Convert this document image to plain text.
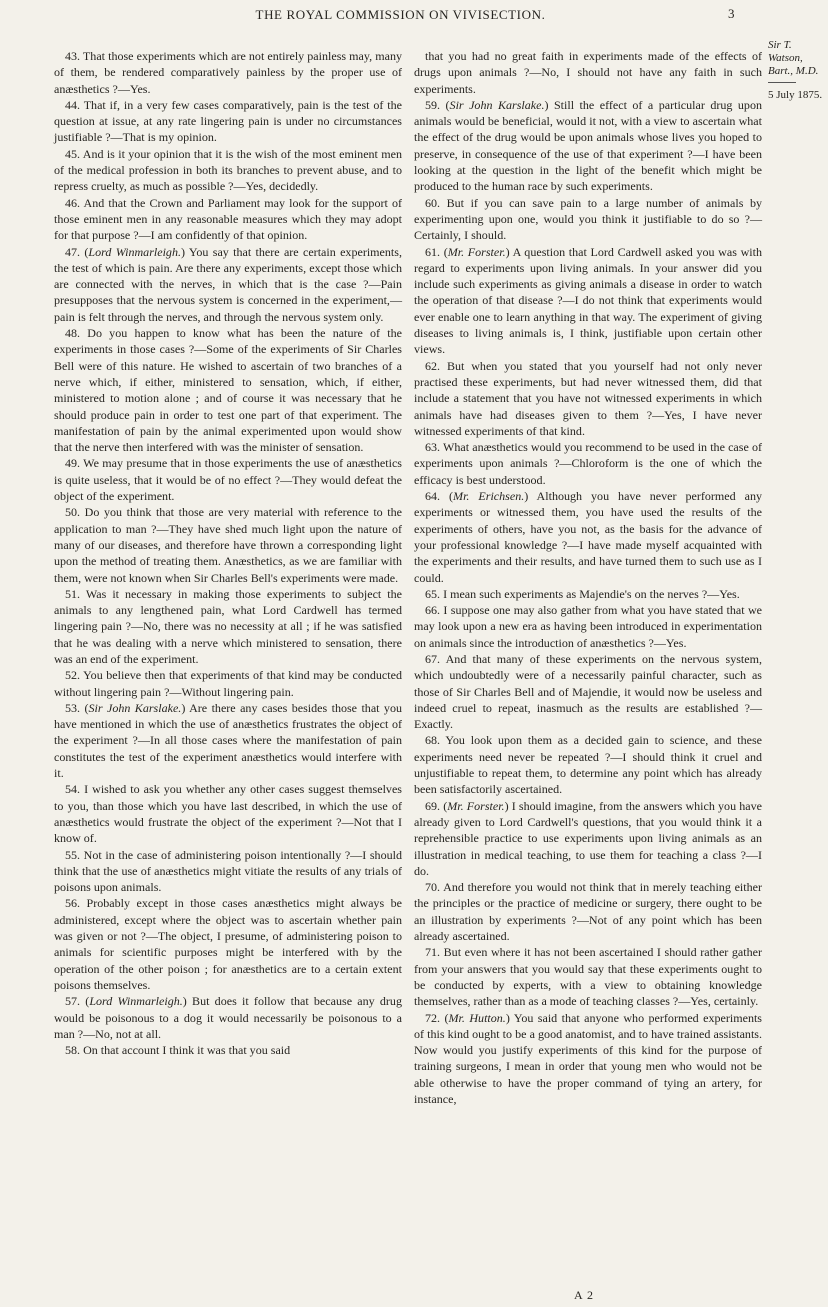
THE ROYAL COMMISSION ON VIVISECTION.	3

43. That those experiments which are not entirely painless may, many of them, be rendered comparatively painless by the proper use of anæsthetics ?—Yes.

44. That if, in a very few cases comparatively, pain is the test of the question at issue, at any rate lingering pain is under no circumstances justifiable ?—That is my opinion.

45. And is it your opinion that it is the wish of the most eminent men of the medical profession in both its branches to prevent abuse, and to repress cruelty, as much as possible ?—Yes, decidedly.

46. And that the Crown and Parliament may look for the support of those eminent men in any reasonable measures which they may adopt for that purpose ?—I am confidently of that opinion.

47. (Lord Winmarleigh.) You say that there are certain experiments, the test of which is pain. Are there any experiments, except those which are connected with the nerves, in which that is the case ?—Pain presupposes that the nervous system is concerned in the experiment,—pain is felt through the nerves, and through the nervous system only.

48. Do you happen to know what has been the nature of the experiments in those cases ?—Some of the experiments of Sir Charles Bell were of this nature. He wished to ascertain of two branches of a nerve which, if either, ministered to sensation, which, if either, ministered to motion alone ; and of course it was necessary that he should produce pain in order to test one part of that experiment. The manifestation of pain by the animal experimented upon would show that the nerve then interfered with was the minister of sensation.

49. We may presume that in those experiments the use of anæsthetics is quite useless, that it would be of no effect ?—They would defeat the object of the experiment.

50. Do you think that those are very material with reference to the application to man ?—They have shed much light upon the nature of many of our diseases, and therefore have thrown a corresponding light upon the method of treating them. Anæsthetics, as we are familiar with them, were not known when Sir Charles Bell's experiments were made.

51. Was it necessary in making those experiments to subject the animals to any lengthened pain, what Lord Cardwell has termed lingering pain ?—No, there was no necessity at all ; if he was satisfied that he was dealing with a nerve which ministered to sensation, there was an end of the experiment.

52. You believe then that experiments of that kind may be conducted without lingering pain ?—Without lingering pain.

53. (Sir John Karslake.) Are there any cases besides those that you have mentioned in which the use of anæsthetics frustrates the object of the experiment ?—In all those cases where the manifestation of pain constitutes the test of the experiment anæsthetics would interfere with it.

54. I wished to ask you whether any other cases suggest themselves to you, than those which you have last described, in which the use of anæsthetics would frustrate the object of the experiment ?—Not that I know of.

55. Not in the case of administering poison intentionally ?—I should think that the use of anæsthetics might vitiate the results of any trials of poisons upon animals.

56. Probably except in those cases anæsthetics might always be administered, except where the object was to ascertain whether pain was given or not ?—The object, I presume, of administering poison to animals for scientific purposes might be interfered with by the operation of the other poison ; for anæsthetics are to a certain extent poisons themselves.

57. (Lord Winmarleigh.) But does it follow that because any drug would be poisonous to a dog it would necessarily be poisonous to a man ?—No, not at all.

58. On that account I think it was that you said

that you had no great faith in experiments made of the effects of drugs upon animals ?—No, I should not have any faith in such experiments.

59. (Sir John Karslake.) Still the effect of a particular drug upon animals would be beneficial, would it not, with a view to ascertain what the effect of the drug would be upon animals whose lives you hoped to preserve, in consequence of the use of that experiment ?—I have been looking at the question in the light of the benefit which might be produced to the human race by such experiments.

60. But if you can save pain to a large number of animals by experimenting upon one, would you think it justifiable to do so ?—Certainly, I should.

61. (Mr. Forster.) A question that Lord Cardwell asked you was with regard to experiments upon living animals. In your answer did you include such experiments as giving animals a disease in order to watch the operation of that disease ?—I do not think that experiments would ever enable one to learn anything in that way. The experiment of giving diseases to living animals is, I think, justifiable upon certain other views.

62. But when you stated that you yourself had not only never practised these experiments, but had never witnessed them, did that include a statement that you have not witnessed experiments in which animals have had diseases given to them ?—Yes, I have never witnessed experiments of that kind.

63. What anæsthetics would you recommend to be used in the case of experiments upon animals ?—Chloroform is the one of which the efficacy is best understood.

64. (Mr. Erichsen.) Although you have never performed any experiments or witnessed them, you have used the results of the experiments of others, have you not, as the basis for the advance of your professional knowledge ?—I have made myself acquainted with the experiments and their results, and have turned them to such use as I could.

65. I mean such experiments as Majendie's on the nerves ?—Yes.

66. I suppose one may also gather from what you have stated that we may look upon a new era as having been introduced in experimentation on animals since the introduction of anæsthetics ?—Yes.

67. And that many of these experiments on the nervous system, which undoubtedly were of a necessarily painful character, such as those of Sir Charles Bell and of Majendie, it would now be useless and indeed cruel to repeat, inasmuch as the results are established ?—Exactly.

68. You look upon them as a decided gain to science, and these experiments need never be repeated ?—I should think it cruel and unjustifiable to repeat them, to determine any point which has already been satisfactorily ascertained.

69. (Mr. Forster.) I should imagine, from the answers which you have already given to Lord Cardwell's questions, that you would think it a reprehensible practice to use experiments upon living animals as an illustration in medical teaching, to use them for teaching a class ?—I do.

70. And therefore you would not think that in merely teaching either the principles or the practice of medicine or surgery, there ought to be an illustration by experiments ?—Not of any point which has been already ascertained.

71. But even where it has not been ascertained I should rather gather from your answers that you would say that these experiments ought to be conducted by experts, with a view to obtaining knowledge themselves, rather than as a mode of teaching classes ?—Yes, certainly.

72. (Mr. Hutton.) You said that anyone who performed experiments of this kind ought to be a good anatomist, and to have trained assistants. Now would you justify experiments of this kind for the purpose of training surgeons, I mean in order that young men who would not be able otherwise to have the proper command of tying an artery, for instance,

Sir T. Watson, Bart., M.D.
5 July 1875.
A 2
